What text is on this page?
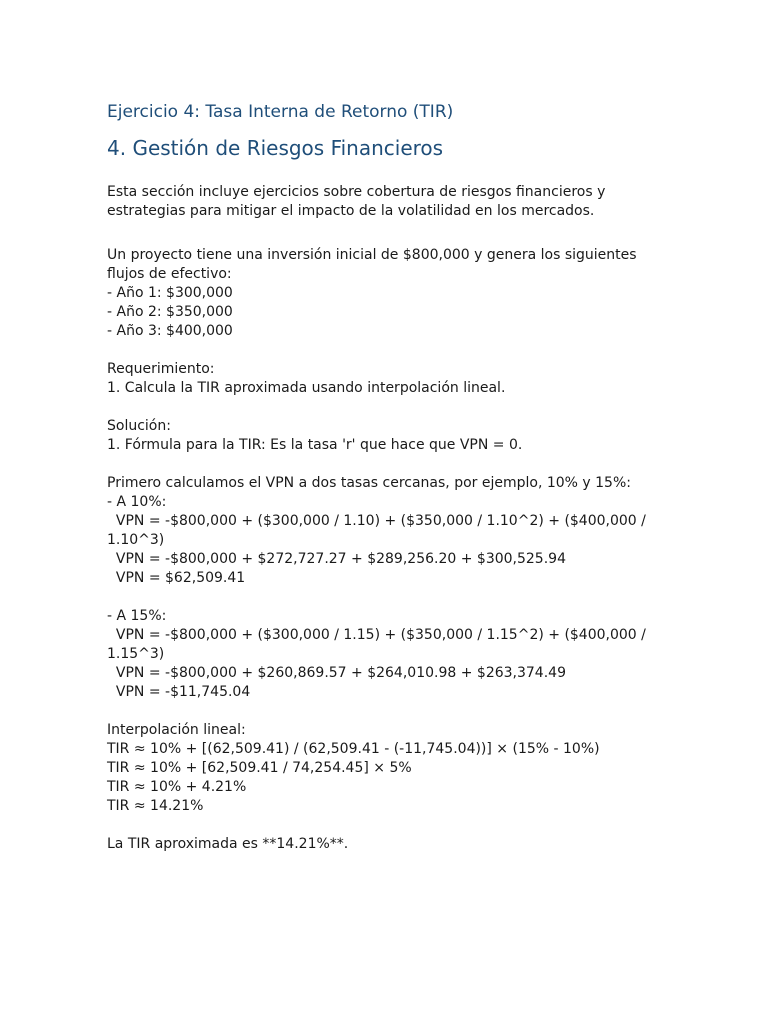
Ejercicio 4: Tasa Interna de Retorno (TIR)
4. Gestión de Riesgos Financieros

Esta sección incluye ejercicios sobre cobertura de riesgos financieros y estrategias para mitigar el impacto de la volatilidad en los mercados.

Un proyecto tiene una inversión inicial de $800,000 y genera los siguientes flujos de efectivo:
- Año 1: $300,000
- Año 2: $350,000
- Año 3: $400,000

Requerimiento:
1. Calcula la TIR aproximada usando interpolación lineal.

Solución:
1. Fórmula para la TIR: Es la tasa 'r' que hace que VPN = 0.

Primero calculamos el VPN a dos tasas cercanas, por ejemplo, 10% y 15%:
- A 10%:
VPN = -$800,000 + ($300,000 / 1.10) + ($350,000 / 1.10^2) + ($400,000 / 1.10^3)
VPN = -$800,000 + $272,727.27 + $289,256.20 + $300,525.94
VPN = $62,509.41

- A 15%:
VPN = -$800,000 + ($300,000 / 1.15) + ($350,000 / 1.15^2) + ($400,000 / 1.15^3)
VPN = -$800,000 + $260,869.57 + $264,010.98 + $263,374.49
VPN = -$11,745.04

Interpolación lineal:
TIR ≈ 10% + [(62,509.41) / (62,509.41 - (-11,745.04))] × (15% - 10%)
TIR ≈ 10% + [62,509.41 / 74,254.45] × 5%
TIR ≈ 10% + 4.21%
TIR ≈ 14.21%

La TIR aproximada es **14.21%**.
